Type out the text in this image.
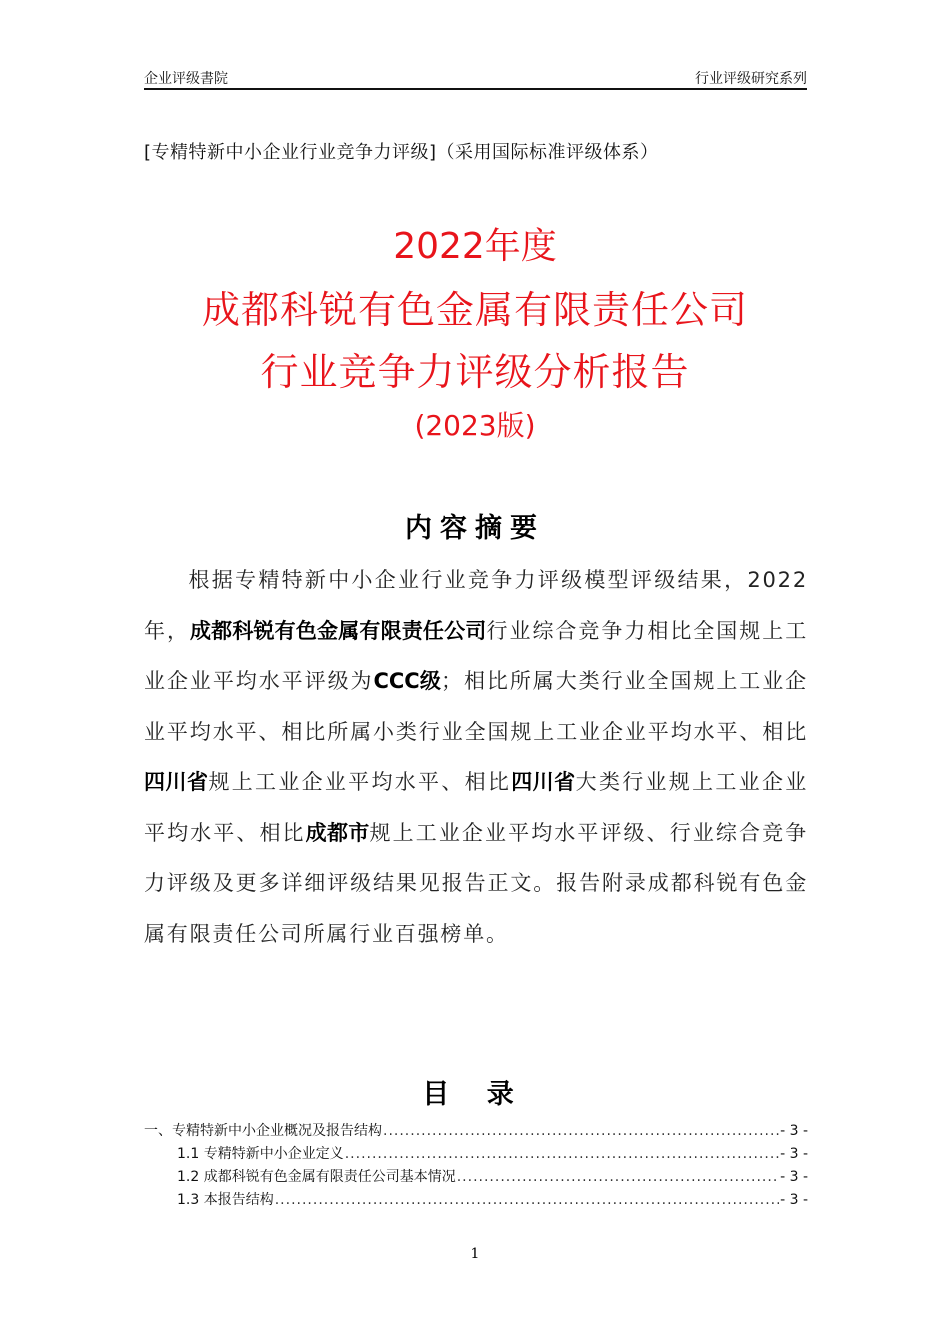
企业评级書院	行业评级研究系列
[专精特新中小企业行业竞争力评级]（采用国际标准评级体系）
2022年度
成都科锐有色金属有限责任公司
行业竞争力评级分析报告
(2023版)
内容摘要
根据专精特新中小企业行业竞争力评级模型评级结果，2022年，成都科锐有色金属有限责任公司行业综合竞争力相比全国规上工业企业平均水平评级为CCC级；相比所属大类行业全国规上工业企业平均水平、相比所属小类行业全国规上工业企业平均水平、相比四川省规上工业企业平均水平、相比四川省大类行业规上工业企业平均水平、相比成都市规上工业企业平均水平评级、行业综合竞争力评级及更多详细评级结果见报告正文。报告附录成都科锐有色金属有限责任公司所属行业百强榜单。
目 录
一、专精特新中小企业概况及报告结构 .....	- 3 -
1.1 专精特新中小企业定义 .....	- 3 -
1.2 成都科锐有色金属有限责任公司基本情况 .....	- 3 -
1.3 本报告结构 .....	- 3 -
1
